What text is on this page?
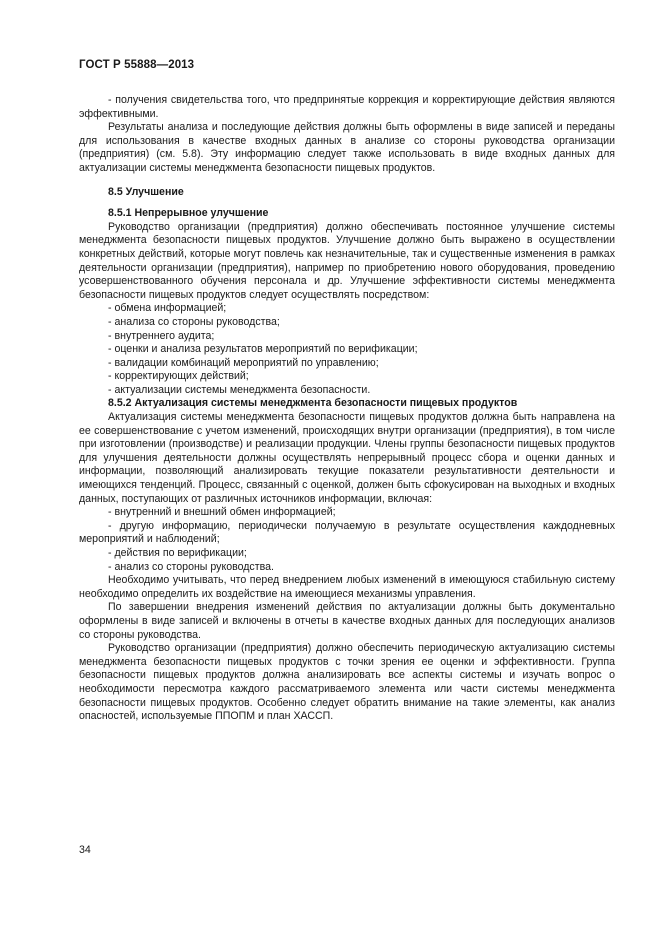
ГОСТ Р 55888—2013

- получения свидетельства того, что предпринятые коррекция и корректирующие действия являются эффективными.

Результаты анализа и последующие действия должны быть оформлены в виде записей и переданы для использования в качестве входных данных в анализе со стороны руководства организации (предприятия) (см. 5.8). Эту информацию следует также использовать в виде входных данных для актуализации системы менеджмента безопасности пищевых продуктов.

8.5 Улучшение

8.5.1 Непрерывное улучшение

Руководство организации (предприятия) должно обеспечивать постоянное улучшение системы менеджмента безопасности пищевых продуктов. Улучшение должно быть выражено в осуществлении конкретных действий, которые могут повлечь как незначительные, так и существенные изменения в рамках деятельности организации (предприятия), например по приобретению нового оборудования, проведению усовершенствованного обучения персонала и др. Улучшение эффективности системы менеджмента безопасности пищевых продуктов следует осуществлять посредством:

- обмена информацией;

- анализа со стороны руководства;

- внутреннего аудита;

- оценки и анализа результатов мероприятий по верификации;

- валидации комбинаций мероприятий по управлению;

- корректирующих действий;

- актуализации системы менеджмента безопасности.

8.5.2 Актуализация системы менеджмента безопасности пищевых продуктов

Актуализация системы менеджмента безопасности пищевых продуктов должна быть направлена на ее совершенствование с учетом изменений, происходящих внутри организации (предприятия), в том числе при изготовлении (производстве) и реализации продукции. Члены группы безопасности пищевых продуктов для улучшения деятельности должны осуществлять непрерывный процесс сбора и оценки данных и информации, позволяющий анализировать текущие показатели результативности деятельности и имеющихся тенденций. Процесс, связанный с оценкой, должен быть сфокусирован на выходных и входных данных, поступающих от различных источников информации, включая:

- внутренний и внешний обмен информацией;

- другую информацию, периодически получаемую в результате осуществления каждодневных мероприятий и наблюдений;

- действия по верификации;

- анализ со стороны руководства.

Необходимо учитывать, что перед внедрением любых изменений в имеющуюся стабильную систему необходимо определить их воздействие на имеющиеся механизмы управления.

По завершении внедрения изменений действия по актуализации должны быть документально оформлены в виде записей и включены в отчеты в качестве входных данных для последующих анализов со стороны руководства.

Руководство организации (предприятия) должно обеспечить периодическую актуализацию системы менеджмента безопасности пищевых продуктов с точки зрения ее оценки и эффективности. Группа безопасности пищевых продуктов должна анализировать все аспекты системы и изучать вопрос о необходимости пересмотра каждого рассматриваемого элемента или части системы менеджмента безопасности пищевых продуктов. Особенно следует обратить внимание на такие элементы, как анализ опасностей, используемые ППОПМ и план ХАССП.

34
